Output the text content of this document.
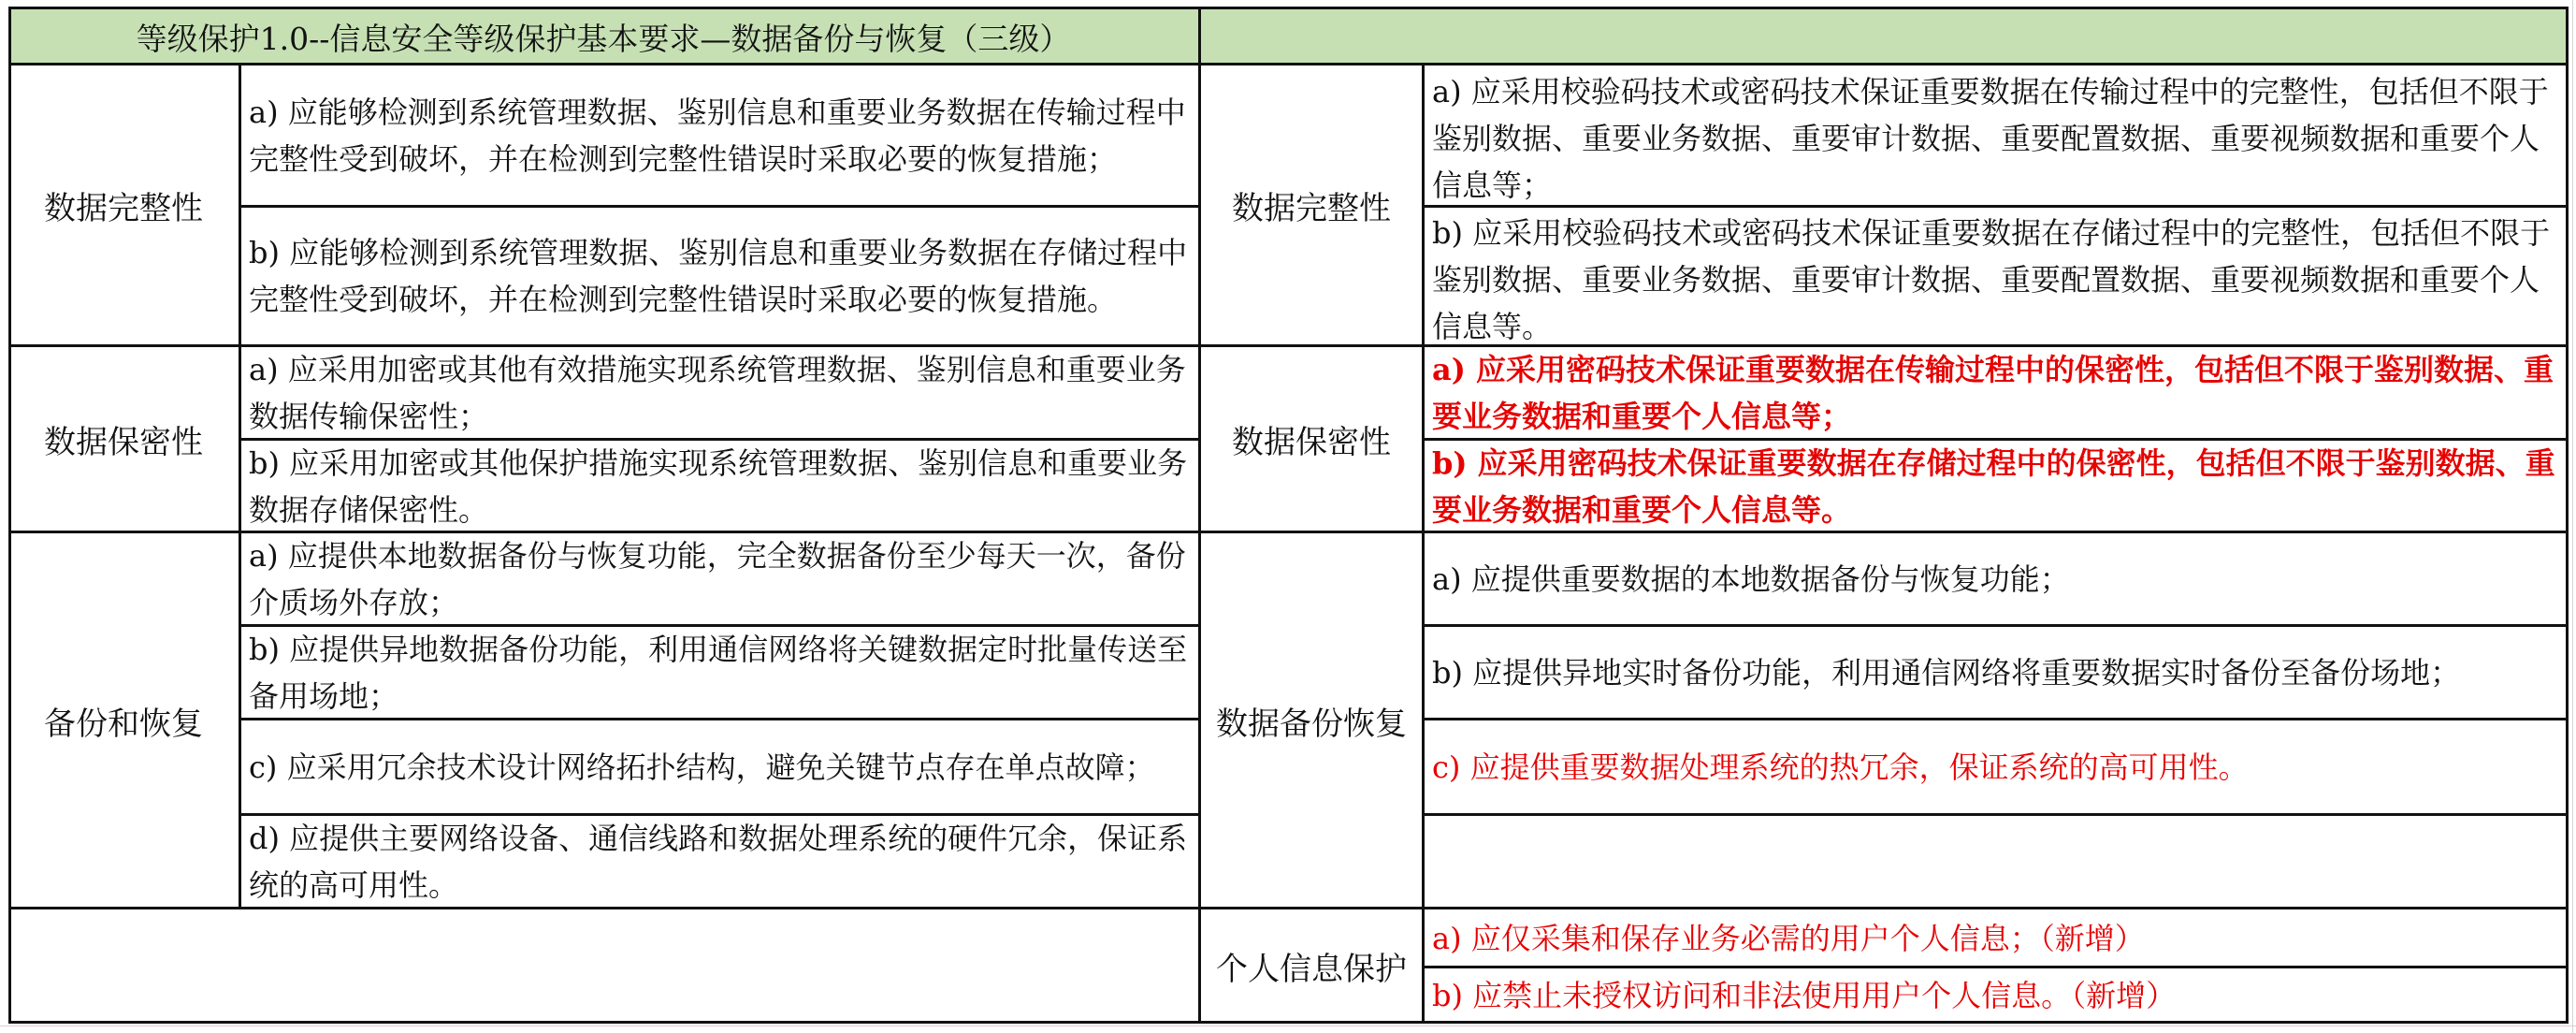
等级保护1.0--信息安全等级保护基本要求—数据备份与恢复（三级）
数据完整性
数据保密性
备份和恢复
a) 应能够检测到系统管理数据、鉴别信息和重要业务数据在传输过程中完整性受到破坏，并在检测到完整性错误时采取必要的恢复措施；
b) 应能够检测到系统管理数据、鉴别信息和重要业务数据在存储过程中完整性受到破坏，并在检测到完整性错误时采取必要的恢复措施。
a) 应采用加密或其他有效措施实现系统管理数据、鉴别信息和重要业务数据传输保密性；
b) 应采用加密或其他保护措施实现系统管理数据、鉴别信息和重要业务数据存储保密性。
a) 应提供本地数据备份与恢复功能，完全数据备份至少每天一次，备份介质场外存放；
b) 应提供异地数据备份功能，利用通信网络将关键数据定时批量传送至备用场地；
c) 应采用冗余技术设计网络拓扑结构，避免关键节点存在单点故障；
d) 应提供主要网络设备、通信线路和数据处理系统的硬件冗余，保证系统的高可用性。
数据完整性
数据保密性
数据备份恢复
个人信息保护
a) 应采用校验码技术或密码技术保证重要数据在传输过程中的完整性，包括但不限于鉴别数据、重要业务数据、重要审计数据、重要配置数据、重要视频数据和重要个人信息等；
b) 应采用校验码技术或密码技术保证重要数据在存储过程中的完整性，包括但不限于鉴别数据、重要业务数据、重要审计数据、重要配置数据、重要视频数据和重要个人信息等。
a) 应采用密码技术保证重要数据在传输过程中的保密性，包括但不限于鉴别数据、重要业务数据和重要个人信息等；
b) 应采用密码技术保证重要数据在存储过程中的保密性，包括但不限于鉴别数据、重要业务数据和重要个人信息等。
a) 应提供重要数据的本地数据备份与恢复功能；
b) 应提供异地实时备份功能，利用通信网络将重要数据实时备份至备份场地；
c) 应提供重要数据处理系统的热冗余，保证系统的高可用性。
a) 应仅采集和保存业务必需的用户个人信息；（新增）
b) 应禁止未授权访问和非法使用用户个人信息。（新增）
